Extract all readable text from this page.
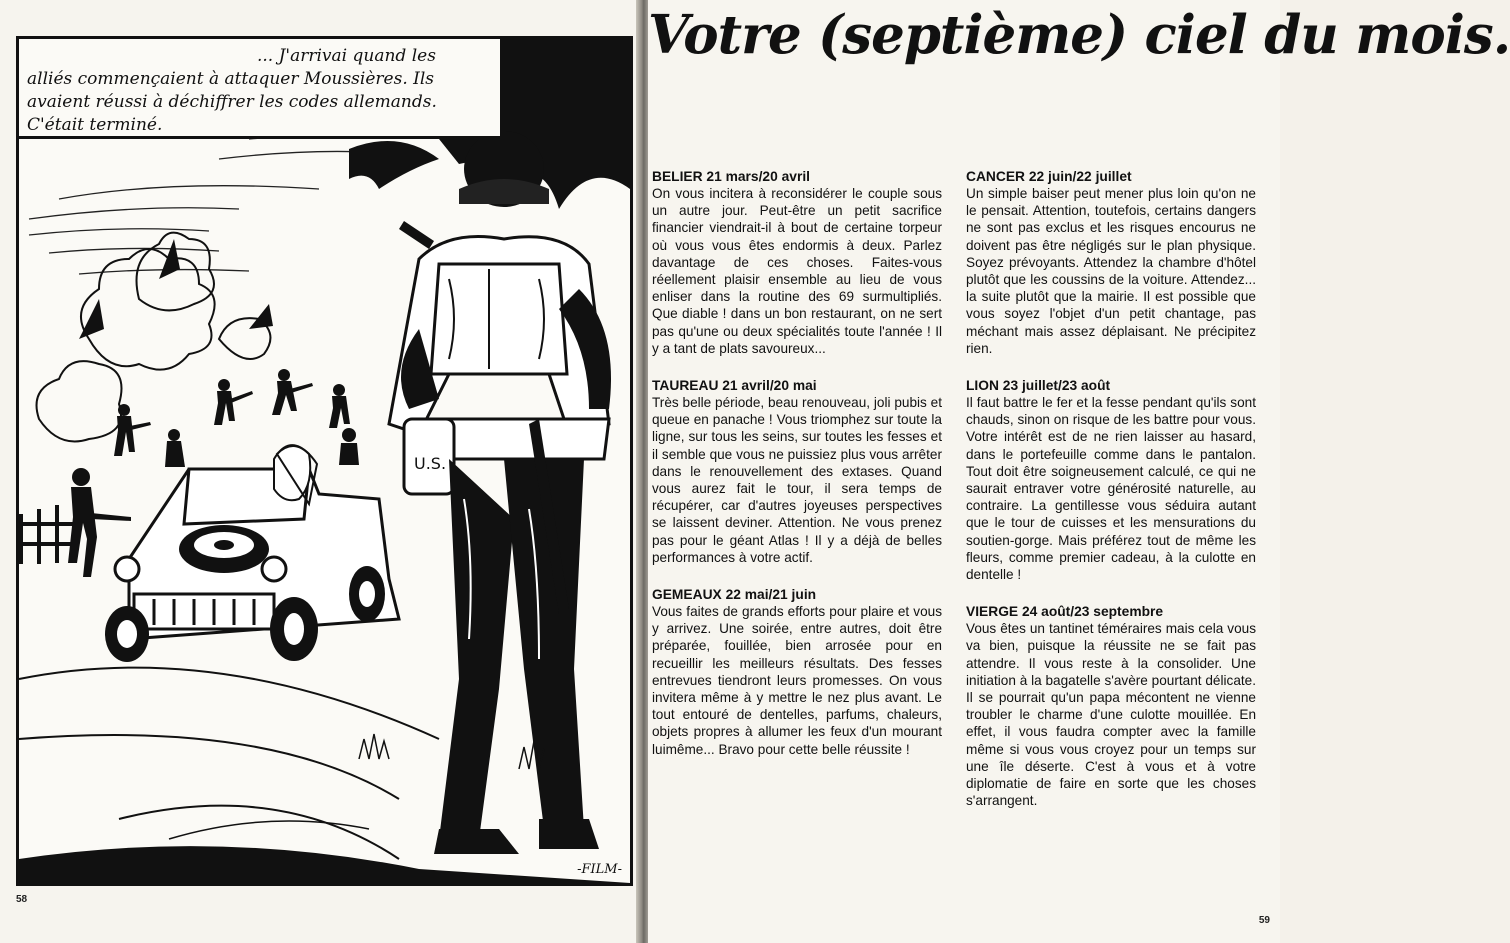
U.S.
... J'arrivai quand les
alliés commençaient à attaquer Moussières. Ils
avaient réussi à déchiffrer les codes allemands.
C'était terminé.
-FILM-
58
Votre (septième) ciel du mois.
BELIER 21 mars/20 avril

On vous incitera à reconsidérer le couple sous un autre jour. Peut-être un petit sacrifice financier viendrait-il à bout de certaine torpeur où vous vous êtes endormis à deux. Parlez davantage de ces choses. Faites-vous réellement plaisir ensemble au lieu de vous enliser dans la routine des 69 surmultipliés. Que diable ! dans un bon restaurant, on ne sert pas qu'une ou deux spécialités toute l'année ! Il y a tant de plats savoureux...

TAUREAU 21 avril/20 mai

Très belle période, beau renouveau, joli pubis et queue en panache ! Vous triomphez sur toute la ligne, sur tous les seins, sur toutes les fesses et il semble que vous ne puissiez plus vous arrêter dans le renouvellement des extases. Quand vous aurez fait le tour, il sera temps de récupérer, car d'autres joyeuses perspectives se laissent deviner. Attention. Ne vous prenez pas pour le géant Atlas ! Il y a déjà de belles performances à votre actif.

GEMEAUX 22 mai/21 juin

Vous faites de grands efforts pour plaire et vous y arrivez. Une soirée, entre autres, doit être préparée, fouillée, bien arrosée pour en recueillir les meilleurs résultats. Des fesses entrevues tiendront leurs promesses. On vous invitera même à y mettre le nez plus avant. Le tout entouré de dentelles, parfums, chaleurs, objets propres à allumer les feux d'un mourant luimême... Bravo pour cette belle réussite !

CANCER 22 juin/22 juillet

Un simple baiser peut mener plus loin qu'on ne le pensait. Attention, toutefois, certains dangers ne sont pas exclus et les risques encourus ne doivent pas être négligés sur le plan physique. Soyez prévoyants. Attendez la chambre d'hôtel plutôt que les coussins de la voiture. Attendez... la suite plutôt que la mairie. Il est possible que vous soyez l'objet d'un petit chantage, pas méchant mais assez déplaisant. Ne précipitez rien.

LION 23 juillet/23 août

Il faut battre le fer et la fesse pendant qu'ils sont chauds, sinon on risque de les battre pour vous. Votre intérêt est de ne rien laisser au hasard, dans le portefeuille comme dans le pantalon. Tout doit être soigneusement calculé, ce qui ne saurait entraver votre générosité naturelle, au contraire. La gentillesse vous séduira autant que le tour de cuisses et les mensurations du soutien-gorge. Mais préférez tout de même les fleurs, comme premier cadeau, à la culotte en dentelle !

VIERGE 24 août/23 septembre

Vous êtes un tantinet téméraires mais cela vous va bien, puisque la réussite ne se fait pas attendre. Il vous reste à la consolider. Une initiation à la bagatelle s'avère pourtant délicate. Il se pourrait qu'un papa mécontent ne vienne troubler le charme d'une culotte mouillée. En effet, il vous faudra compter avec la famille même si vous vous croyez pour un temps sur une île déserte. C'est à vous et à votre diplomatie de faire en sorte que les choses s'arrangent.

59
